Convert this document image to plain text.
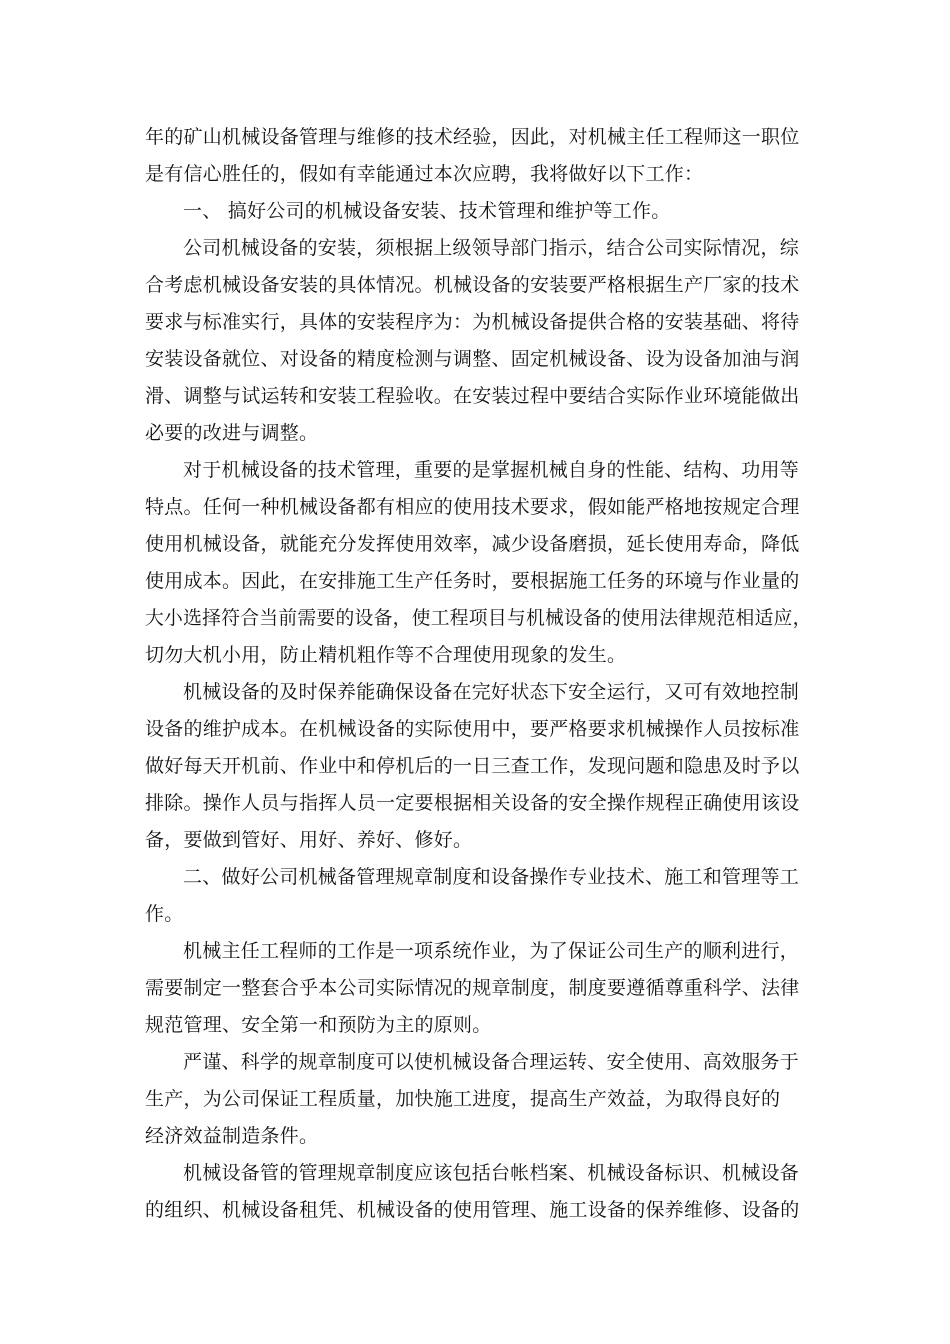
年的矿山机械设备管理与维修的技术经验，因此，对机械主任工程师这一职位
是有信心胜任的，假如有幸能通过本次应聘，我将做好以下工作：
一、 搞好公司的机械设备安装、技术管理和维护等工作。
公司机械设备的安装，须根据上级领导部门指示，结合公司实际情况，综
合考虑机械设备安装的具体情况。机械设备的安装要严格根据生产厂家的技术
要求与标准实行，具体的安装程序为：为机械设备提供合格的安装基础、将待
安装设备就位、对设备的精度检测与调整、固定机械设备、设为设备加油与润
滑、调整与试运转和安装工程验收。在安装过程中要结合实际作业环境能做出
必要的改进与调整。
对于机械设备的技术管理，重要的是掌握机械自身的性能、结构、功用等
特点。任何一种机械设备都有相应的使用技术要求，假如能严格地按规定合理
使用机械设备，就能充分发挥使用效率，减少设备磨损，延长使用寿命，降低
使用成本。因此，在安排施工生产任务时，要根据施工任务的环境与作业量的
大小选择符合当前需要的设备，使工程项目与机械设备的使用法律规范相适应，
切勿大机小用，防止精机粗作等不合理使用现象的发生。
机械设备的及时保养能确保设备在完好状态下安全运行，又可有效地控制
设备的维护成本。在机械设备的实际使用中，要严格要求机械操作人员按标准
做好每天开机前、作业中和停机后的一日三查工作，发现问题和隐患及时予以
排除。操作人员与指挥人员一定要根据相关设备的安全操作规程正确使用该设
备，要做到管好、用好、养好、修好。
二、做好公司机械备管理规章制度和设备操作专业技术、施工和管理等工
作。
机械主任工程师的工作是一项系统作业，为了保证公司生产的顺利进行，
需要制定一整套合乎本公司实际情况的规章制度，制度要遵循尊重科学、法律
规范管理、安全第一和预防为主的原则。
严谨、科学的规章制度可以使机械设备合理运转、安全使用、高效服务于
生产，为公司保证工程质量，加快施工进度，提高生产效益，为取得良好的
经济效益制造条件。
机械设备管的管理规章制度应该包括台帐档案、机械设备标识、机械设备
的组织、机械设备租凭、机械设备的使用管理、施工设备的保养维修、设备的
